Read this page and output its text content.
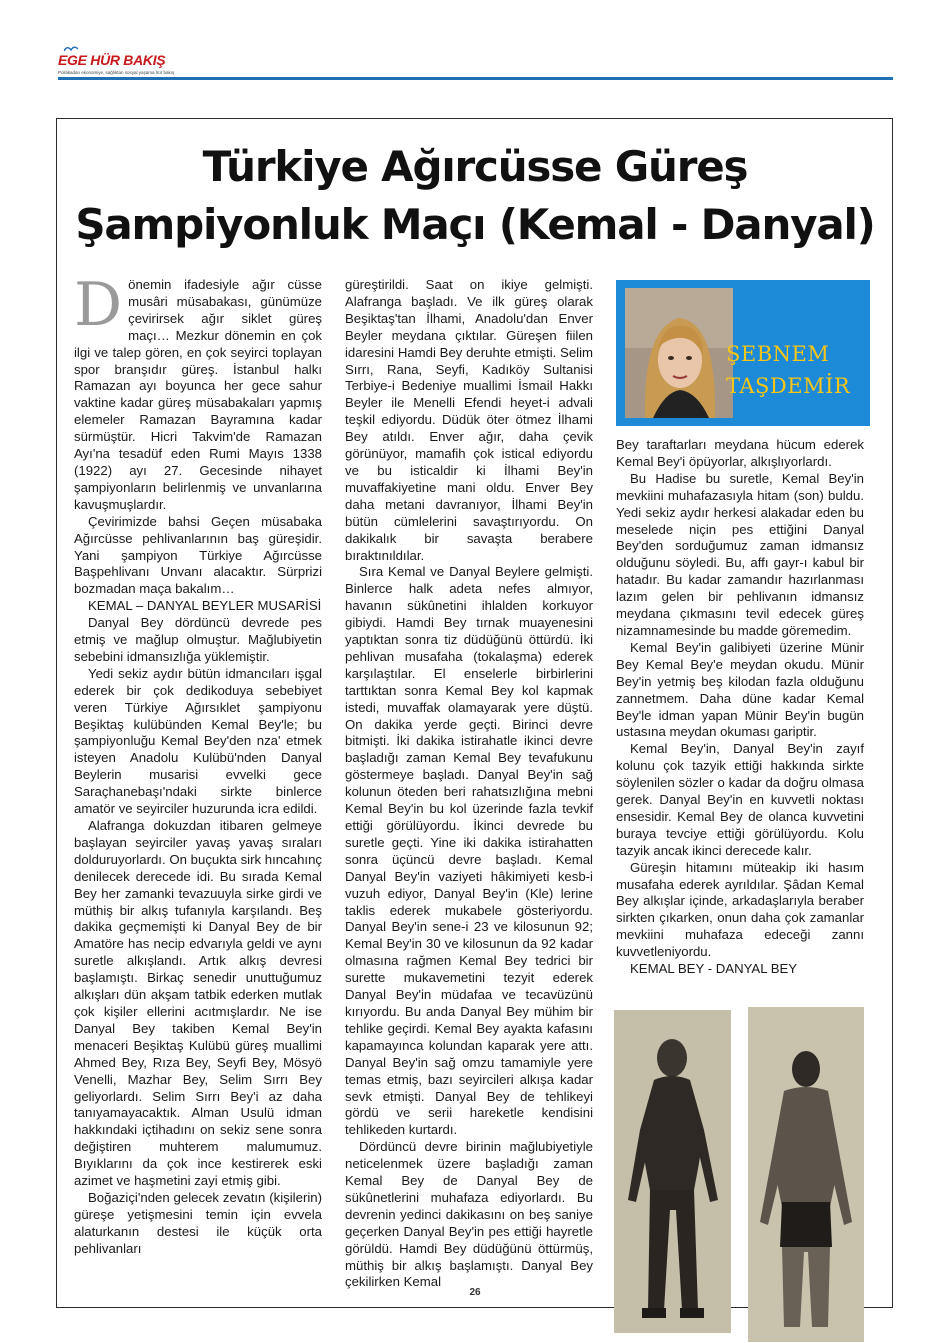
EGE HÜR BAKIŞ
Politikadan ekonomiye, sağlıktan sosyal yaşama hür bakış
Türkiye Ağırcüsse Güreş
Şampiyonluk Maçı (Kemal - Danyal)

Dönemin ifadesiyle ağır cüsse musâri müsabakası, günümüze çevirirsek ağır siklet güreş maçı… Mezkur dönemin en çok ilgi ve talep gören, en çok seyirci toplayan spor branşıdır güreş. İstanbul halkı Ramazan ayı boyunca her gece sahur vaktine kadar güreş müsabakaları yapmış elemeler Ramazan Bayramına kadar sürmüştür. Hicri Takvim'de Ramazan Ayı'na tesadüf eden Rumi Mayıs 1338 (1922) ayı 27. Gecesinde nihayet şampiyonların belirlenmiş ve unvanlarına kavuşmuşlardır.

Çevirimizde bahsi Geçen müsabaka Ağırcüsse pehlivanlarının baş güreşidir. Yani şampiyon Türkiye Ağırcüsse Başpehlivanı Unvanı alacaktır. Sürprizi bozmadan maça bakalım…

KEMAL – DANYAL BEYLER MUSARİSİ

Danyal Bey dördüncü devrede pes etmiş ve mağlup olmuştur. Mağlubiyetin sebebini idmansızlığa yüklemiştir.

Yedi sekiz aydır bütün idmancıları işgal ederek bir çok dedikoduya sebebiyet veren Türkiye Ağırsıklet şampiyonu Beşiktaş kulübünden Kemal Bey'le; bu şampiyonluğu Kemal Bey'den nza' etmek isteyen Anadolu Kulübü'nden Danyal Beylerin musarisi evvelki gece Saraçhanebaşı'ndaki sirkte binlerce amatör ve seyirciler huzurunda icra edildi.

Alafranga dokuzdan itibaren gelmeye başlayan seyirciler yavaş yavaş sıraları dolduruyorlardı. On buçukta sirk hıncahınç denilecek derecede idi. Bu sırada Kemal Bey her zamanki tevazuuyla sirke girdi ve müthiş bir alkış tufanıyla karşılandı. Beş dakika geçmemişti ki Danyal Bey de bir Amatöre has necip edvarıyla geldi ve aynı suretle alkışlandı. Artık alkış devresi başlamıştı. Birkaç senedir unuttuğumuz alkışları dün akşam tatbik ederken mutlak çok kişiler ellerini acıtmışlardır. Ne ise Danyal Bey takiben Kemal Bey'in menaceri Beşiktaş Kulübü güreş muallimi Ahmed Bey, Rıza Bey, Seyfi Bey, Mösyö Venelli, Mazhar Bey, Selim Sırrı Bey geliyorlardı. Selim Sırrı Bey'i az daha tanıyamayacaktık. Alman Usulü idman hakkındaki içtihadını on sekiz sene sonra değiştiren muhterem malumumuz. Bıyıklarını da çok ince kestirerek eski azimet ve haşmetini zayi etmiş gibi.

Boğaziçi'nden gelecek zevatın (kişilerin) güreşe yetişmesini temin için evvela alaturkanın destesi ile küçük orta pehlivanları

güreştirildi. Saat on ikiye gelmişti. Alafranga başladı. Ve ilk güreş olarak Beşiktaş'tan İlhami, Anadolu'dan Enver Beyler meydana çıktılar. Güreşen fiilen idaresini Hamdi Bey deruhte etmişti. Selim Sırrı, Rana, Seyfi, Kadıköy Sultanisi Terbiye-i Bedeniye muallimi İsmail Hakkı Beyler ile Menelli Efendi heyet-i advali teşkil ediyordu. Düdük öter ötmez İlhami Bey atıldı. Enver ağır, daha çevik görünüyor, mamafih çok istical ediyordu ve bu isticaldir ki İlhami Bey'in muvaffakiyetine mani oldu. Enver Bey daha metani davranıyor, İlhami Bey'in bütün cümlelerini savaştırıyordu. On dakikalık bir savaşta berabere bıraktınıldılar.

Sıra Kemal ve Danyal Beylere gelmişti. Binlerce halk adeta nefes almıyor, havanın sükûnetini ihlalden korkuyor gibiydi. Hamdi Bey tırnak muayenesini yaptıktan sonra tiz düdüğünü öttürdü. İki pehlivan musafaha (tokalaşma) ederek karşılaştılar. El enselerle birbirlerini tarttıktan sonra Kemal Bey kol kapmak istedi, muvaffak olamayarak yere düştü. On dakika yerde geçti. Birinci devre bitmişti. İki dakika istirahatle ikinci devre başladığı zaman Kemal Bey tevafukunu göstermeye başladı. Danyal Bey'in sağ kolunun öteden beri rahatsızlığına mebni Kemal Bey'in bu kol üzerinde fazla tevkif ettiği görülüyordu. İkinci devrede bu suretle geçti. Yine iki dakika istirahatten sonra üçüncü devre başladı. Kemal Danyal Bey'in vaziyeti hâkimiyeti kesb-i vuzuh ediyor, Danyal Bey'in (Kle) lerine taklis ederek mukabele gösteriyordu. Danyal Bey'in sene-i 23 ve kilosunun 92; Kemal Bey'in 30 ve kilosunun da 92 kadar olmasına rağmen Kemal Bey tedrici bir surette mukavemetini tezyit ederek Danyal Bey'in müdafaa ve tecavüzünü kırıyordu. Bu anda Danyal Bey mühim bir tehlike geçirdi. Kemal Bey ayakta kafasını kapamayınca kolundan kaparak yere attı. Danyal Bey'in sağ omzu tamamiyle yere temas etmiş, bazı seyircileri alkışa kadar sevk etmişti. Danyal Bey de tehlikeyi gördü ve serii hareketle kendisini tehlikeden kurtardı.

Dördüncü devre birinin mağlubiyetiyle neticelenmek üzere başladığı zaman Kemal Bey de Danyal Bey de sükûnetlerini muhafaza ediyorlardı. Bu devrenin yedinci dakikasını on beş saniye geçerken Danyal Bey'in pes ettiği hayretle görüldü. Hamdi Bey düdüğünü öttürmüş, müthiş bir alkış başlamıştı. Danyal Bey çekilirken Kemal

ŞEBNEM
TAŞDEMİR

Bey taraftarları meydana hücum ederek Kemal Bey'i öpüyorlar, alkışlıyorlardı.

Bu Hadise bu suretle, Kemal Bey'in mevkiini muhafazasıyla hitam (son) buldu. Yedi sekiz aydır herkesi alakadar eden bu meselede niçin pes ettiğini Danyal Bey'den sorduğumuz zaman idmansız olduğunu söyledi. Bu, affı gayr-ı kabul bir hatadır. Bu kadar zamandır hazırlanması lazım gelen bir pehlivanın idmansız meydana çıkmasını tevil edecek güreş nizamnamesinde bu madde göremedim.

Kemal Bey'in galibiyeti üzerine Münir Bey Kemal Bey'e meydan okudu. Münir Bey'in yetmiş beş kilodan fazla olduğunu zannetmem. Daha düne kadar Kemal Bey'le idman yapan Münir Bey'in bugün ustasına meydan okuması gariptir.

Kemal Bey'in, Danyal Bey'in zayıf kolunu çok tazyik ettiği hakkında sirkte söylenilen sözler o kadar da doğru olmasa gerek. Danyal Bey'in en kuvvetli noktası ensesidir. Kemal Bey de olanca kuvvetini buraya tevciye ettiği görülüyordu. Kolu tazyik ancak ikinci derecede kalır.

Güreşin hitamını müteakip iki hasım musafaha ederek ayrıldılar. Şâdan Kemal Bey alkışlar içinde, arkadaşlarıyla beraber sirkten çıkarken, onun daha çok zamanlar mevkiini muhafaza edeceği zannı kuvvetleniyordu.

KEMAL BEY - DANYAL BEY

26
